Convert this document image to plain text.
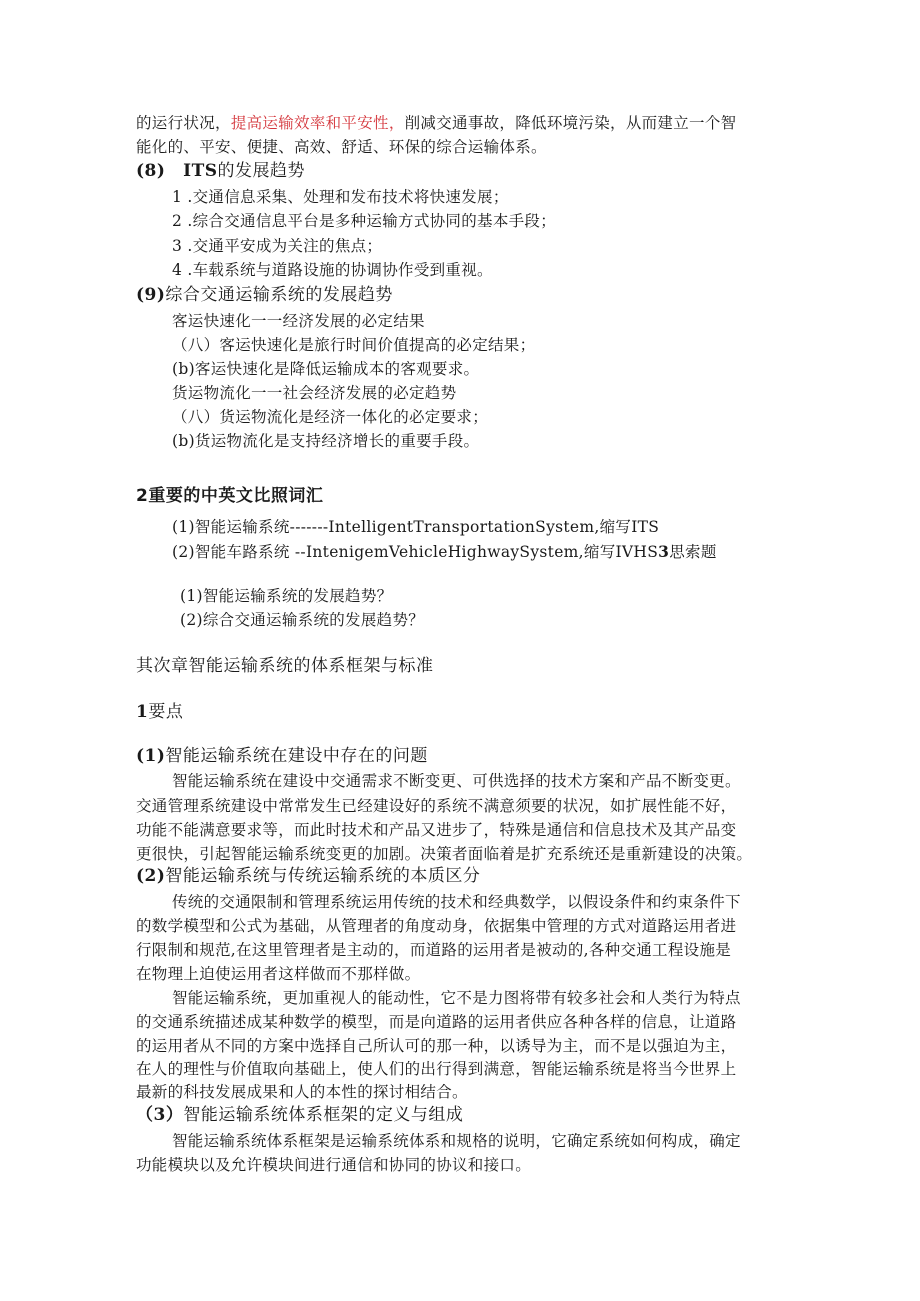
的运行状况，提高运输效率和平安性，削减交通事故，降低环境污染，从而建立一个智
能化的、平安、便捷、高效、舒适、环保的综合运输体系。
(8) ITS的发展趋势
1 .交通信息采集、处理和发布技术将快速发展；
2 .综合交通信息平台是多种运输方式协同的基本手段；
3 .交通平安成为关注的焦点；
4 .车载系统与道路设施的协调协作受到重视。
(9)综合交通运输系统的发展趋势
客运快速化一一经济发展的必定结果
（八）客运快速化是旅行时间价值提高的必定结果；
(b)客运快速化是降低运输成本的客观要求。
货运物流化一一社会经济发展的必定趋势
（八）货运物流化是经济一体化的必定要求；
(b)货运物流化是支持经济增长的重要手段。
2重要的中英文比照词汇
(1)智能运输系统-------IntelligentTransportationSystem,缩写ITS
(2)智能车路系统 --IntenigemVehicleHighwaySystem,缩写IVHS3思索题
(1)智能运输系统的发展趋势？
(2)综合交通运输系统的发展趋势？
其次章智能运输系统的体系框架与标准
1要点
(1)智能运输系统在建设中存在的问题
智能运输系统在建设中交通需求不断变更、可供选择的技术方案和产品不断变更。
交通管理系统建设中常常发生已经建设好的系统不满意须要的状况，如扩展性能不好，
功能不能满意要求等，而此时技术和产品又进步了，特殊是通信和信息技术及其产品变
更很快，引起智能运输系统变更的加剧。决策者面临着是扩充系统还是重新建设的决策。
(2)智能运输系统与传统运输系统的本质区分
传统的交通限制和管理系统运用传统的技术和经典数学，以假设条件和约束条件下
的数学模型和公式为基础，从管理者的角度动身，依据集中管理的方式对道路运用者进
行限制和规范,在这里管理者是主动的，而道路的运用者是被动的,各种交通工程设施是
在物理上迫使运用者这样做而不那样做。
智能运输系统，更加重视人的能动性，它不是力图将带有较多社会和人类行为特点
的交通系统描述成某种数学的模型，而是向道路的运用者供应各种各样的信息，让道路
的运用者从不同的方案中选择自己所认可的那一种，以诱导为主，而不是以强迫为主，
在人的理性与价值取向基础上，使人们的出行得到满意，智能运输系统是将当今世界上
最新的科技发展成果和人的本性的探讨相结合。
（3）智能运输系统体系框架的定义与组成
智能运输系统体系框架是运输系统体系和规格的说明，它确定系统如何构成，确定
功能模块以及允许模块间进行通信和协同的协议和接口。
